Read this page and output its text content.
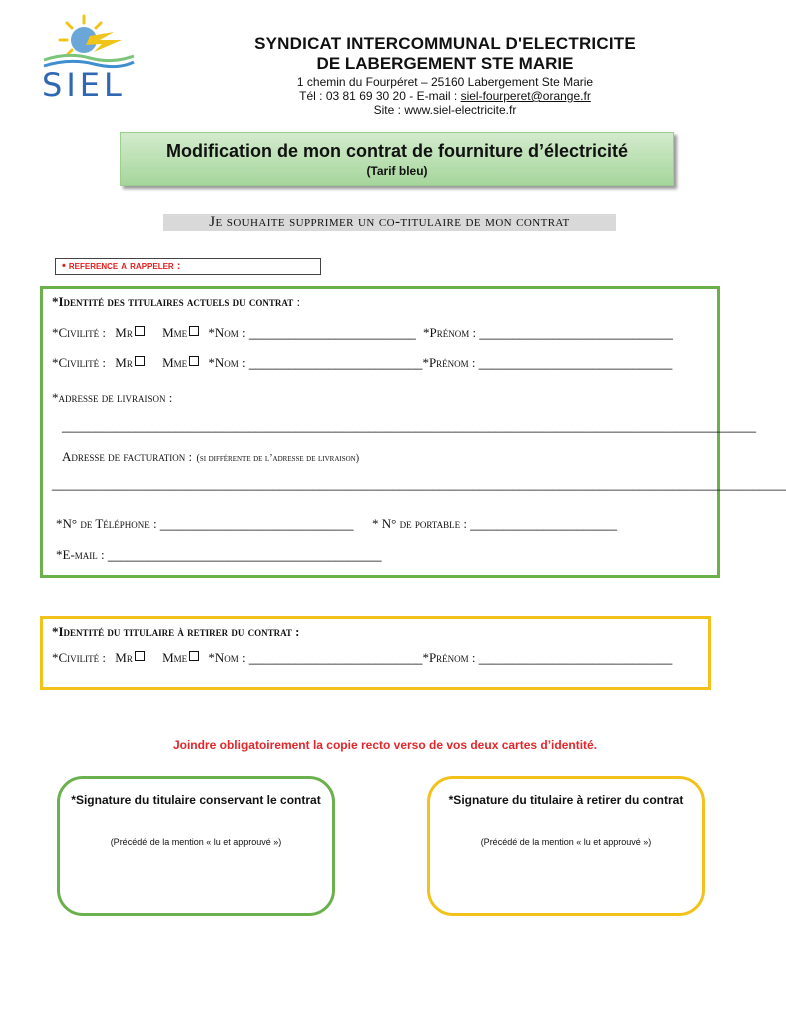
SIEL
SYNDICAT INTERCOMMUNAL D'ELECTRICITE
DE LABERGEMENT STE MARIE
1 chemin du Fourpéret – 25160 Labergement Ste Marie
Tél : 03 81 69 30 20 - E-mail : siel-fourperet@orange.fr
Site : www.siel-electricite.fr
Modification de mon contrat de fourniture d’électricité
(Tarif bleu)
Je souhaite supprimer un co-titulaire de mon contrat
• reference a rappeler :
*Identité des titulaires actuels du contrat :
*Civilité : Mr Mme *Nom : _________________________ *Prénom : _____________________________
*Civilité : Mr Mme *Nom : __________________________*Prénom : _____________________________
*adresse de livraison :
________________________________________________________________________________________________________
Adresse de facturation : (si différente de l’adresse de livraison)
______________________________________________________________________________________________________________
*N° de Téléphone : _____________________________ * N° de portable : ______________________
*E-mail : _________________________________________
*Identité du titulaire à retirer du contrat :
*Civilité : Mr Mme *Nom : __________________________*Prénom : _____________________________
Joindre obligatoirement la copie recto verso de vos deux cartes d’identité.
*Signature du titulaire conservant le contrat
(Précédé de la mention « lu et approuvé »)
*Signature du titulaire à retirer du contrat
(Précédé de la mention « lu et approuvé »)
